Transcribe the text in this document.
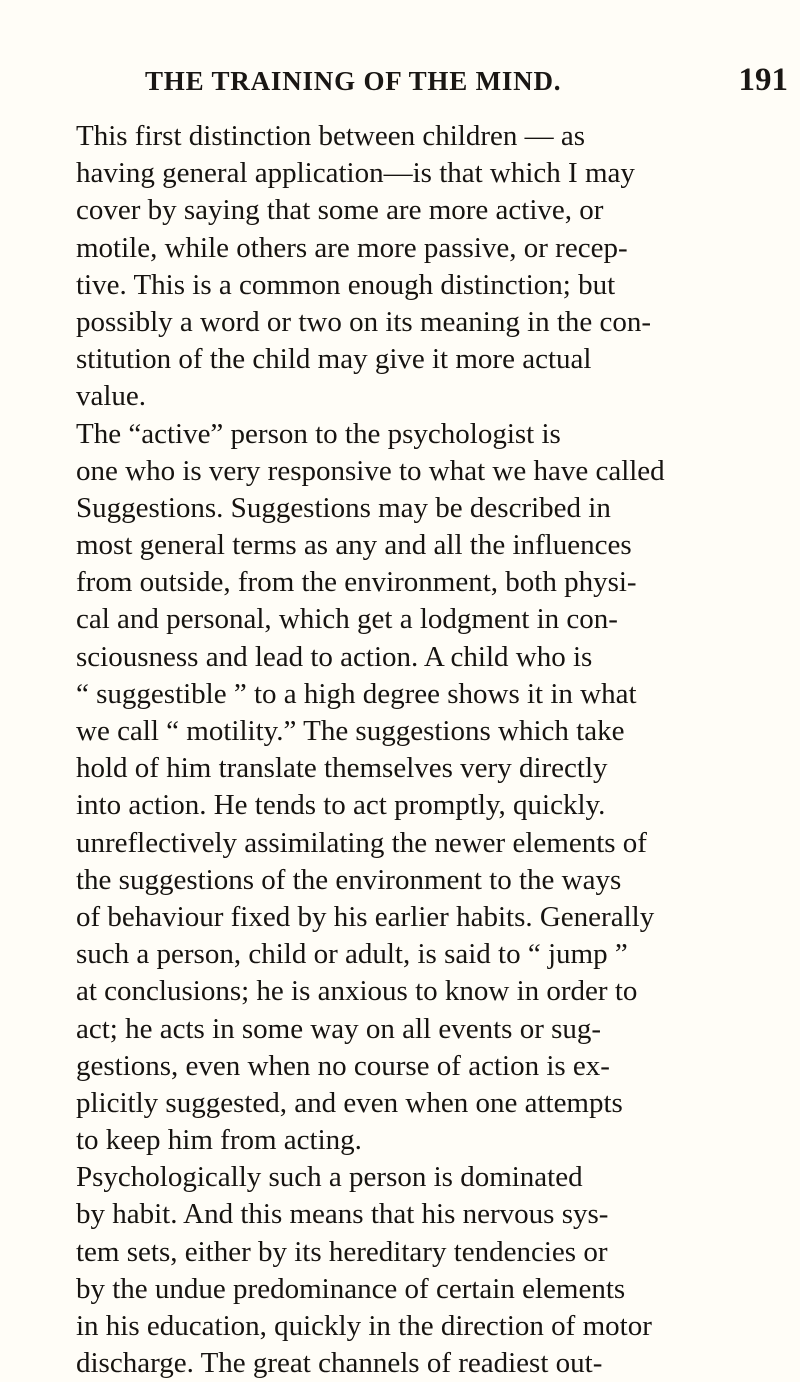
THE TRAINING OF THE MIND.	191
This first distinction between children — as
having general application—is that which I may
cover by saying that some are more active, or
motile, while others are more passive, or recep-
tive. This is a common enough distinction; but
possibly a word or two on its meaning in the con-
stitution of the child may give it more actual
value.
The “active” person to the psychologist is
one who is very responsive to what we have called
Suggestions. Suggestions may be described in
most general terms as any and all the influences
from outside, from the environment, both physi-
cal and personal, which get a lodgment in con-
sciousness and lead to action. A child who is
“ suggestible ” to a high degree shows it in what
we call “ motility.” The suggestions which take
hold of him translate themselves very directly
into action. He tends to act promptly, quickly.
unreflectively assimilating the newer elements of
the suggestions of the environment to the ways
of behaviour fixed by his earlier habits. Generally
such a person, child or adult, is said to “ jump ”
at conclusions; he is anxious to know in order to
act; he acts in some way on all events or sug-
gestions, even when no course of action is ex-
plicitly suggested, and even when one attempts
to keep him from acting.
Psychologically such a person is dominated
by habit. And this means that his nervous sys-
tem sets, either by its hereditary tendencies or
by the undue predominance of certain elements
in his education, quickly in the direction of motor
discharge. The great channels of readiest out-
